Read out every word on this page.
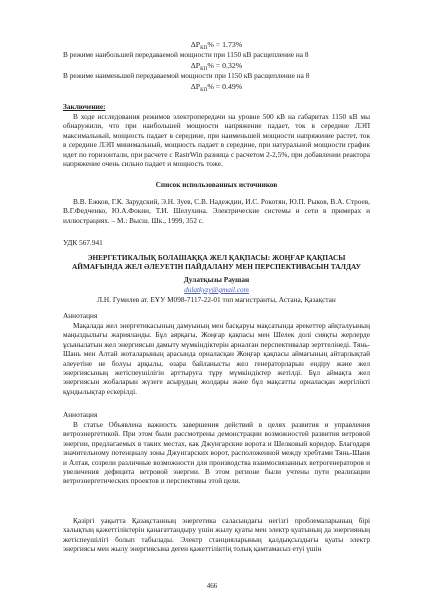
$\Delta P_{КП}\% = 1.73\%$
В режиме наибольшей передаваемой мощности при 1150 кВ расщепление на 8
$\Delta P_{КП}\% = 0.32\%$
В режиме наименьшей передаваемой мощности при 1150 кВ расщепление на 8
$\Delta P_{КП}\% = 0.49\%$
Заключение:
В ходе исследования режимов электропередачи на уровне 500 кВ на габаритах 1150 кВ мы обнаружили, что при наибольшей мощности напряжение падает, ток в середине ЛЭП максимальный, мощность падает в середине, при наименьшей мощности напряжение растет, ток в середине ЛЭП минимальный, мощность падает в середине, при натуральной мощности график идет по горизонтали, при расчете с RastrWin разница с расчетом 2-2,5%, при добавлении реактора напряжение очень сильно падает и мощность тоже.
Список использованных источников
В.В. Ежков, Г.К. Зарудский, Э.Н. Зуев, С.В. Надеждин, И.С. Рокотян, Ю.П. Рыков, В.А. Строев, В.Г.Федченко, Ю.А.Фокин, Т.И. Шелухина. Электрические системы и сети в примерах и иллюстрациях. – М.: Высш. Шк., 1999, 352 с.
УДК 567.941
ЭНЕРГЕТИКАЛЫҚ БОЛАШАҚҚА ЖЕЛ ҚАҚПАСЫ: ЖОҢҒАР ҚАҚПАСЫ АЙМАҒЫНДА ЖЕЛ ӘЛЕУЕТІН ПАЙДАЛАНУ МЕН ПЕРСПЕКТИВАСЫН ТАЛДАУ
Дулатқызы Раушан
dulatkyzy@gmail.com
Л.Н. Гумилев ат. ЕҰУ М098-7117-22-01 топ магистранты, Астана, Қазақстан
Аннотация
Мақалада жел энергетикасының дамуының мен басқаруы мақсатында әрекеттер айқталуының маңыздылығы жарияланды. Бұл аярқағы, Жоңғар қақпасы мен Шелек долі сияқты жерлерде ұсынылатын жел энергиясын дамыту мүмкіндіктерін арналған перспективалар зерттелінеді. Тянь-Шань мен Алтай жоталарының арасында орналасқан Жоңғар қақпасы аймағының айтарлықтай әлеуетіне не болуы арқылы, өзара байланысты жел генераторларын ендіру және жел энергиясының жетіспеушілігін арттыруға тұру мүмкіндіктер жетілді. Бұл аймақта жел энергиясын жобаларын жүзеге асырудың жолдары және бұл мақсатты орналасқан жергілікті құндылықтар ескерілді.
Аннотация
В статье Объявлена важность завершения действий в целях развития и управления ветроэнергетикой. При этом были рассмотрены демонстрации возможностей развития ветровой энергии, предлагаемых в таких местах, как Джунгарские ворота и Шелковый коридор. Благодаря значительному потенциалу зоны Джунгарских ворот, расположенной между хребтами Тянь-Шаня и Алтая, созрели различные возможности для производства взаимосвязанных ветрогенераторов и увеличения дефицита ветровой энергии. В этом регионе были учтены пути реализации ветроэнергетических проектов и перспективы этой цели.
Қазіргі уақытта Қазақстанның энергетика саласындағы негізгі проблемаларының бірі халықтың қажеттіліктерін қанағаттандыру үшін жылу қуаты мен электр қуатының да энергияның жетіспеушілігі болып табылады. Электр станцияларының қалдықсыздығы қуаты электр энергиясы мен жылу энергиясына деген қажеттіліктің толық қамтамасыз етуі үшін
466
